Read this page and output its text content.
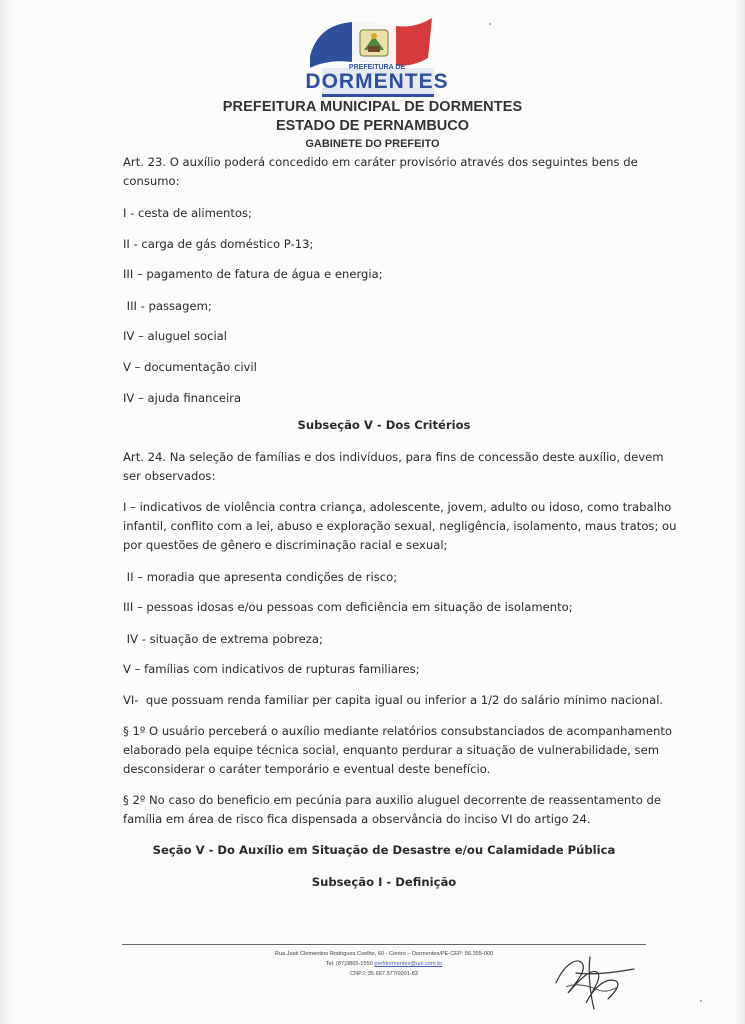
PREFEITURA DE
DORMENTES
PREFEITURA MUNICIPAL DE DORMENTES
ESTADO DE PERNAMBUCO
GABINETE DO PREFEITO
Art. 23. O auxílio poderá concedido em caráter provisório através dos seguintes bens de
consumo:
I - cesta de alimentos;
II - carga de gás doméstico P-13;
III – pagamento de fatura de água e energia;
III - passagem;
IV – aluguel social
V – documentação civil
IV – ajuda financeira
Subseção V - Dos Critérios
Art. 24. Na seleção de famílias e dos indivíduos, para fins de concessão deste auxílio, devem
ser observados:
I – indicativos de violência contra criança, adolescente, jovem, adulto ou idoso, como trabalho
infantil, conflito com a lei, abuso e exploração sexual, negligência, isolamento, maus tratos; ou
por questões de gênero e discriminação racial e sexual;
II – moradia que apresenta condições de risco;
III – pessoas idosas e/ou pessoas com deficiência em situação de isolamento;
IV - situação de extrema pobreza;
V – famílias com indicativos de rupturas familiares;
VI-  que possuam renda familiar per capita igual ou inferior a 1/2 do salário mínimo nacional.
§ 1º O usuário perceberá o auxílio mediante relatórios consubstanciados de acompanhamento
elaborado pela equipe técnica social, enquanto perdurar a situação de vulnerabilidade, sem
desconsiderar o caráter temporário e eventual deste benefício.
§ 2º No caso do beneficio em pecúnia para auxilio aluguel decorrente de reassentamento de
família em área de risco fica dispensada a observância do inciso VI do artigo 24.
Seção V - Do Auxílio em Situação de Desastre e/ou Calamidade Pública
Subseção I - Definição
Rua José Clementino Rodrigues Coelho, 60 - Centro – Dormentes/PE-CEP: 56.355-000
Tel: (87)3865-1550 prefdormentes@uol.com.br
CNPJ: 35.667.377/0001-83
